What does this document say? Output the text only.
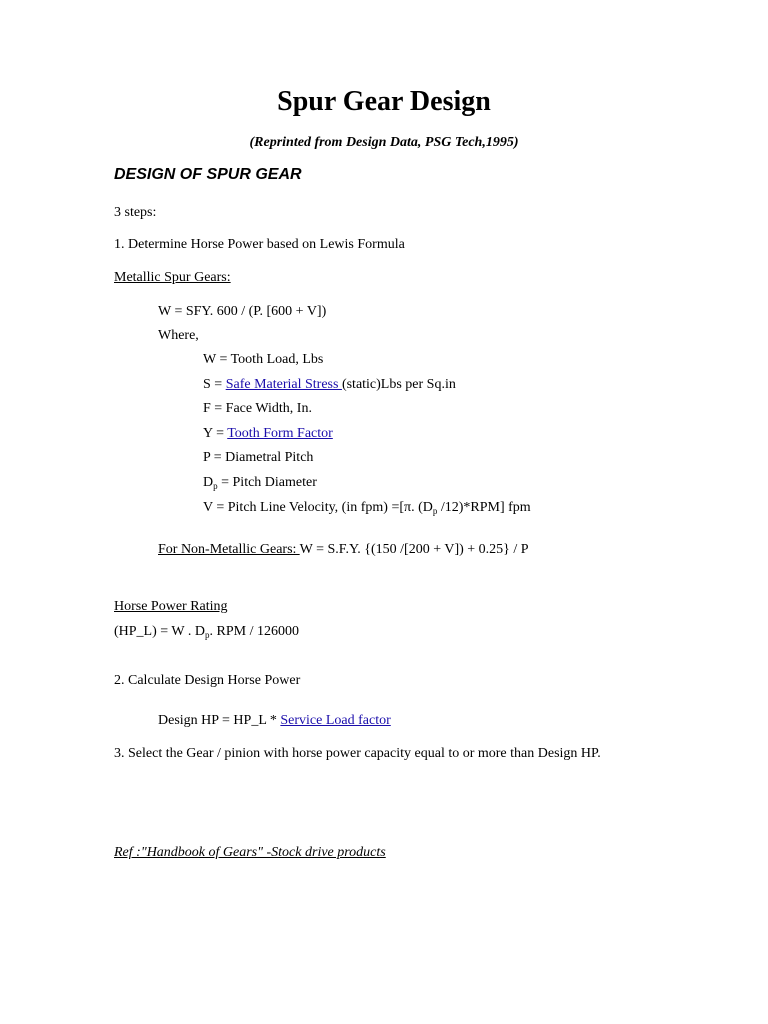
Spur Gear Design
(Reprinted from Design Data, PSG Tech,1995)
DESIGN OF SPUR GEAR
3 steps:
1. Determine Horse Power based on Lewis Formula
Metallic Spur Gears:
W = SFY. 600 / (P. [600 + V])
Where,
W = Tooth Load, Lbs
S = Safe Material Stress (static)Lbs per Sq.in
F = Face Width, In.
Y = Tooth Form Factor
P = Diametral Pitch
$D_p$ = Pitch Diameter
V = Pitch Line Velocity, (in fpm) =[π. ($D_p$ /12)*RPM] fpm
For Non-Metallic Gears: W = S.F.Y. {(150 /[200 + V]) + 0.25} / P
Horse Power Rating
(HP_L) = W . $D_p$. RPM / 126000
2. Calculate Design Horse Power
Design HP = HP_L * Service Load factor
3. Select the Gear / pinion with horse power capacity equal to or more than Design HP.
Ref :"Handbook of Gears" -Stock drive products
